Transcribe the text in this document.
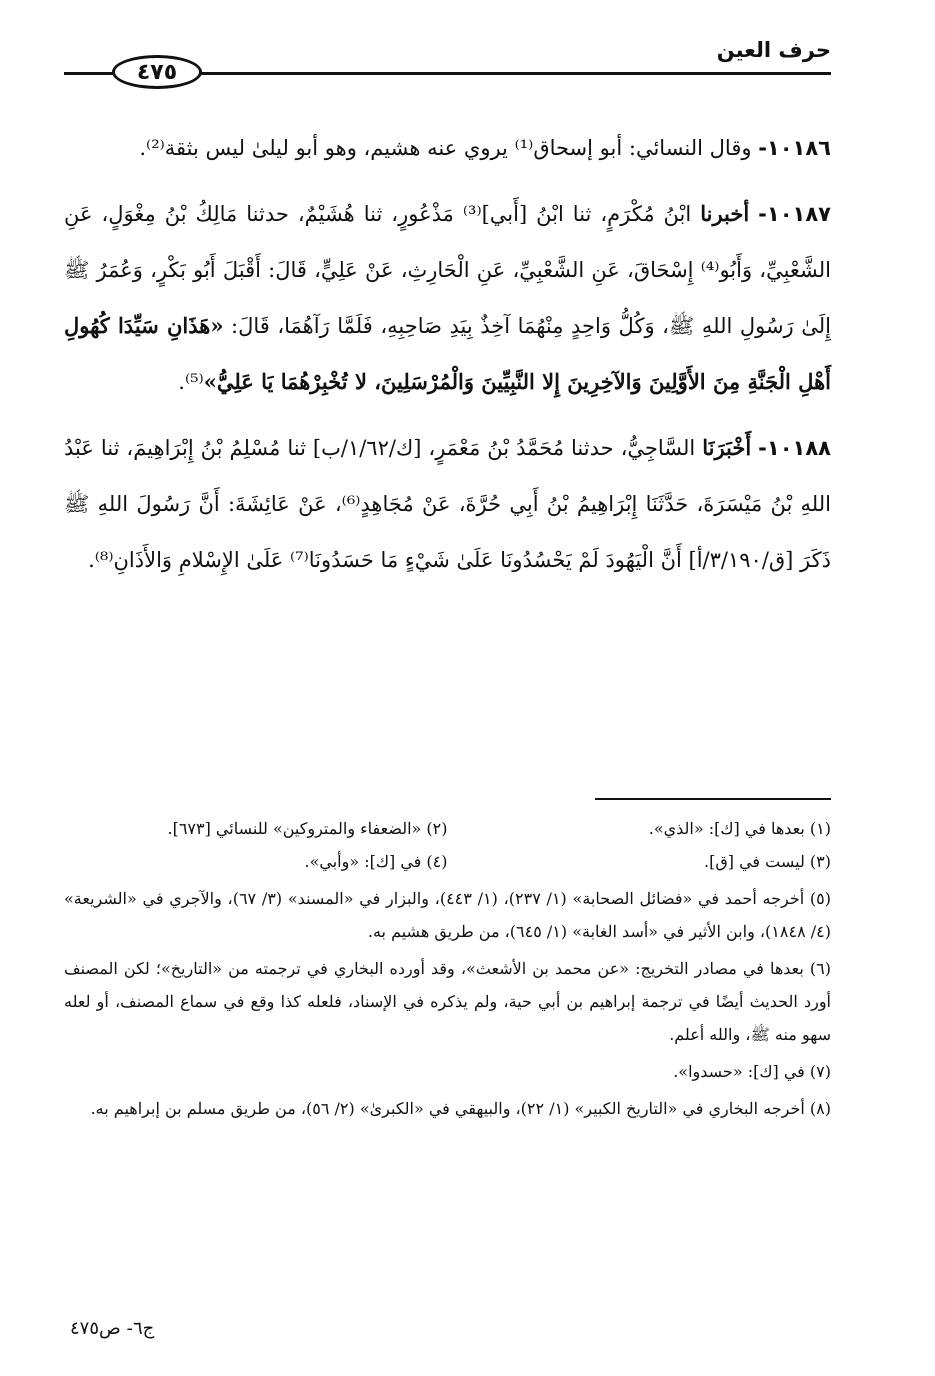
حرف العين
٤٧٥

١٠١٨٦- وقال النسائي: أبو إسحاق⁽¹⁾ يروي عنه هشيم، وهو أبو ليلىٰ ليس بثقة⁽²⁾.

١٠١٨٧- أخبرنا ابْنُ مُكْرَمٍ، ثنا ابْنُ [أَبي]⁽³⁾ مَذْعُورٍ، ثنا هُشَيْمٌ، حدثنا مَالِكُ بْنُ مِغْوَلٍ، عَنِ الشَّعْبِيِّ، وَأَبُو⁽⁴⁾ إِسْحَاقَ، عَنِ الشَّعْبِيِّ، عَنِ الْحَارِثِ، عَنْ عَلِيٍّ، قَالَ: أَقْبَلَ أَبُو بَكْرٍ، وَعُمَرُ ﷺ إِلَىٰ رَسُولِ اللهِ ﷺ، وَكُلُّ وَاحِدٍ مِنْهُمَا آخِذٌ بِيَدِ صَاحِبِهِ، فَلَمَّا رَآهُمَا، قَالَ: «هَذَانِ سَيِّدَا كُهُولِ أَهْلِ الْجَنَّةِ مِنَ الأَوَّلِينَ وَالآخِرِينَ إِلا النَّبِيِّينَ وَالْمُرْسَلِينَ، لا تُخْبِرْهُمَا يَا عَلِيُّ»⁽⁵⁾.

١٠١٨٨- أَخْبَرَنَا السَّاجِيُّ، حدثنا مُحَمَّدُ بْنُ مَعْمَرٍ، [ك/١/٦٢/ب] ثنا مُسْلِمُ بْنُ إِبْرَاهِيمَ، ثنا عَبْدُ اللهِ بْنُ مَيْسَرَةَ، حَدَّثَنَا إِبْرَاهِيمُ بْنُ أَبِي حُرَّةَ، عَنْ مُجَاهِدٍ⁽⁶⁾، عَنْ عَائِشَةَ: أَنَّ رَسُولَ اللهِ ﷺ ذَكَرَ [ق/٣/١٩٠/أ] أَنَّ الْيَهُودَ لَمْ يَحْسُدُونَا عَلَىٰ شَيْءٍ مَا حَسَدُونَا⁽⁷⁾ عَلَىٰ الإِسْلامِ وَالأَذَانِ⁽⁸⁾.

(١) بعدها في [ك]: «الذي».

(٢) «الضعفاء والمتروكين» للنسائي [٦٧٣].

(٣) ليست في [ق].

(٤) في [ك]: «وأبي».

(٥) أخرجه أحمد في «فضائل الصحابة» (١/ ٢٣٧)، (١/ ٤٤٣)، والبزار في «المسند» (٣/ ٦٧)، والآجري في «الشريعة» (٤/ ١٨٤٨)، وابن الأثير في «أسد الغابة» (١/ ٦٤٥)، من طريق هشيم به.

(٦) بعدها في مصادر التخريج: «عن محمد بن الأشعث»، وقد أورده البخاري في ترجمته من «التاريخ»؛ لكن المصنف أورد الحديث أيضًا في ترجمة إبراهيم بن أبي حية، ولم يذكره في الإسناد، فلعله كذا وقع في سماع المصنف، أو لعله سهو منه ﷺ، والله أعلم.

(٧) في [ك]: «حسدوا».

(٨) أخرجه البخاري في «التاريخ الكبير» (١/ ٢٢)، والبيهقي في «الكبرىٰ» (٢/ ٥٦)، من طريق مسلم بن إبراهيم به.

ج٦- ص٤٧٥
